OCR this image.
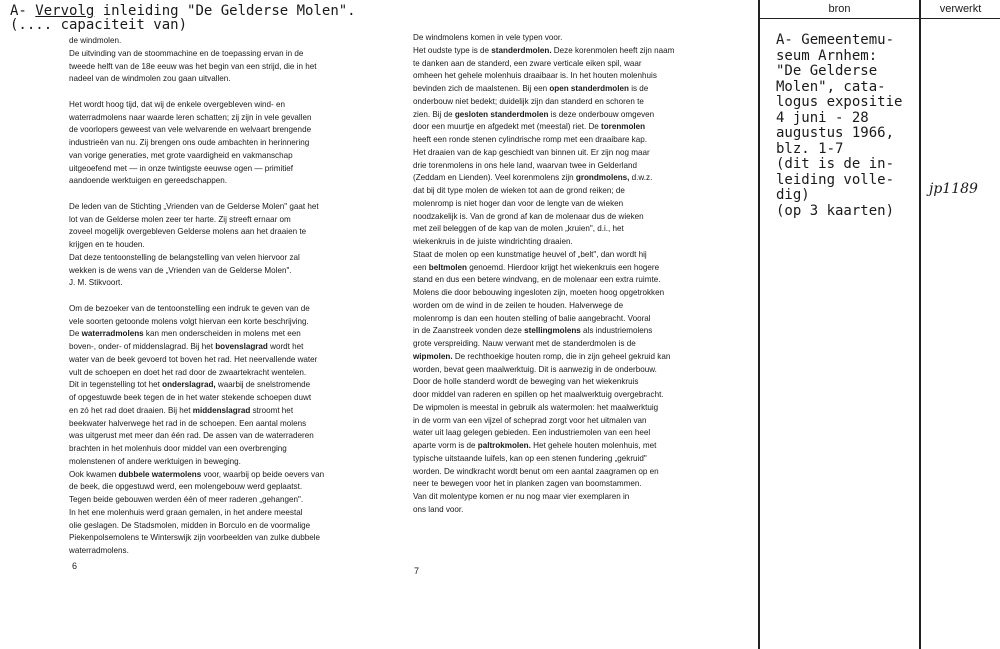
A- Vervolg inleiding "De Gelderse Molen".
(.... capaciteit van)
de windmolen.
De uitvinding van de stoommachine en de toepassing ervan in de
tweede helft van de 18e eeuw was het begin van een strijd, die in het
nadeel van de windmolen zou gaan uitvallen.
Het wordt hoog tijd, dat wij de enkele overgebleven wind- en
waterradmolens naar waarde leren schatten; zij zijn in vele gevallen
de voorlopers geweest van vele welvarende en welvaart brengende
industrieën van nu. Zij brengen ons oude ambachten in herinnering
van vorige generaties, met grote vaardigheid en vakmanschap
uitgeoefend met — in onze twintigste eeuwse ogen — primitief
aandoende werktuigen en gereedschappen.
De leden van de Stichting „Vrienden van de Gelderse Molen" gaat het
lot van de Gelderse molen zeer ter harte. Zij streeft ernaar om
zoveel mogelijk overgebleven Gelderse molens aan het draaien te
krijgen en te houden.
Dat deze tentoonstelling de belangstelling van velen hiervoor zal
wekken is de wens van de „Vrienden van de Gelderse Molen".
J. M. Stikvoort.
Om de bezoeker van de tentoonstelling een indruk te geven van de
vele soorten getoonde molens volgt hiervan een korte beschrijving.
De waterradmolens kan men onderscheiden in molens met een
boven-, onder- of middenslagrad. Bij het bovenslagrad wordt het
water van de beek gevoerd tot boven het rad. Het neervallende water
vult de schoepen en doet het rad door de zwaartekracht wentelen.
Dit in tegenstelling tot het onderslagrad, waarbij de snelstromende
of opgestuwde beek tegen de in het water stekende schoepen duwt
en zó het rad doet draaien. Bij het middenslagrad stroomt het
beekwater halverwege het rad in de schoepen. Een aantal molens
was uitgerust met meer dan één rad. De assen van de waterraderen
brachten in het molenhuis door middel van een overbrenging
molenstenen of andere werktuigen in beweging.
Ook kwamen dubbele watermolens voor, waarbij op beide oevers van
de beek, die opgestuwd werd, een molengebouw werd geplaatst.
Tegen beide gebouwen werden één of meer raderen „gehangen".
In het ene molenhuis werd graan gemalen, in het andere meestal
olie geslagen. De Stadsmolen, midden in Borculo en de voormalige
Piekenpolsemolens te Winterswijk zijn voorbeelden van zulke dubbele
waterradmolens.
De windmolens komen in vele typen voor.
Het oudste type is de standerdmolen. Deze korenmolen heeft zijn naam
te danken aan de standerd, een zware verticale eiken spil, waar
omheen het gehele molenhuis draaibaar is. In het houten molenhuis
bevinden zich de maalstenen. Bij een open standerdmolen is de
onderbouw niet bedekt; duidelijk zijn dan standerd en schoren te
zien. Bij de gesloten standerdmolen is deze onderbouw omgeven
door een muurtje en afgedekt met (meestal) riet. De torenmolen
heeft een ronde stenen cylindrische romp met een draaibare kap.
Het draaien van de kap geschiedt van binnen uit. Er zijn nog maar
drie torenmolens in ons hele land, waarvan twee in Gelderland
(Zeddam en Lienden). Veel korenmolens zijn grondmolens, d.w.z.
dat bij dit type molen de wieken tot aan de grond reiken; de
molenromp is niet hoger dan voor de lengte van de wieken
noodzakelijk is. Van de grond af kan de molenaar dus de wieken
met zeil beleggen of de kap van de molen „kruien", d.i., het
wiekenkruis in de juiste windrichting draaien.
Staat de molen op een kunstmatige heuvel of „belt", dan wordt hij
een beltmolen genoemd. Hierdoor krijgt het wiekenkruis een hogere
stand en dus een betere windvang, en de molenaar een extra ruimte.
Molens die door bebouwing ingesloten zijn, moeten hoog opgetrokken
worden om de wind in de zeilen te houden. Halverwege de
molenromp is dan een houten stelling of balie aangebracht. Vooral
in de Zaanstreek vonden deze stellingmolens als industriemolens
grote verspreiding. Nauw verwant met de standerdmolen is de
wipmolen. De rechthoekige houten romp, die in zijn geheel gekruid kan
worden, bevat geen maalwerktuig. Dit is aanwezig in de onderbouw.
Door de holle standerd wordt de beweging van het wiekenkruis
door middel van raderen en spillen op het maalwerktuig overgebracht.
De wipmolen is meestal in gebruik als watermolen: het maalwerktuig
in de vorm van een vijzel of scheprad zorgt voor het uitmalen van
water uit laag gelegen gebieden. Een industriemolen van een heel
aparte vorm is de paltrokmolen. Het gehele houten molenhuis, met
typische uitstaande luifels, kan op een stenen fundering „gekruid"
worden. De windkracht wordt benut om een aantal zaagramen op en
neer te bewegen voor het in planken zagen van boomstammen.
Van dit molentype komen er nu nog maar vier exemplaren in
ons land voor.
6	7
bron	verwerkt
A- Gemeentemu-
seum Arnhem:
"De Gelderse
Molen", cata-
logus expositie
4 juni - 28
augustus 1966,
blz. 1-7
(dit is de in-
leiding volle-
dig)
(op 3 kaarten)
jp1189
